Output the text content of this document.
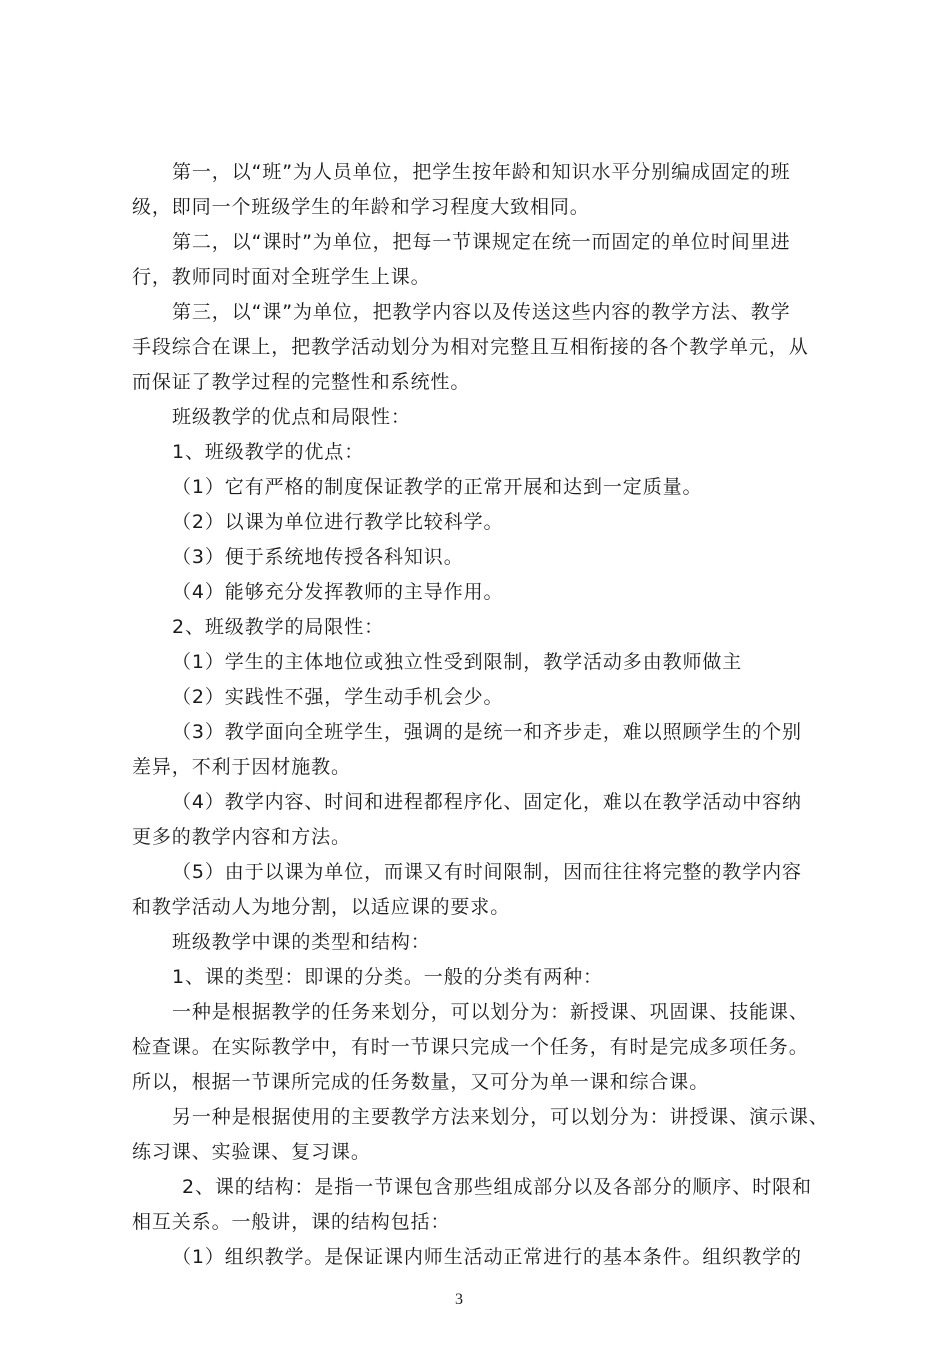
第一，以“班”为人员单位，把学生按年龄和知识水平分别编成固定的班
级，即同一个班级学生的年龄和学习程度大致相同。
第二，以“课时”为单位，把每一节课规定在统一而固定的单位时间里进
行，教师同时面对全班学生上课。
第三，以“课”为单位，把教学内容以及传送这些内容的教学方法、教学
手段综合在课上，把教学活动划分为相对完整且互相衔接的各个教学单元，从
而保证了教学过程的完整性和系统性。
班级教学的优点和局限性：
1、班级教学的优点：
（1）它有严格的制度保证教学的正常开展和达到一定质量。
（2）以课为单位进行教学比较科学。
（3）便于系统地传授各科知识。
（4）能够充分发挥教师的主导作用。
2、班级教学的局限性：
（1）学生的主体地位或独立性受到限制，教学活动多由教师做主
（2）实践性不强，学生动手机会少。
（3）教学面向全班学生，强调的是统一和齐步走，难以照顾学生的个别
差异，不利于因材施教。
（4）教学内容、时间和进程都程序化、固定化，难以在教学活动中容纳
更多的教学内容和方法。
（5）由于以课为单位，而课又有时间限制，因而往往将完整的教学内容
和教学活动人为地分割，以适应课的要求。
班级教学中课的类型和结构：
1、课的类型：即课的分类。一般的分类有两种：
一种是根据教学的任务来划分，可以划分为：新授课、巩固课、技能课、
检查课。在实际教学中，有时一节课只完成一个任务，有时是完成多项任务。
所以，根据一节课所完成的任务数量，又可分为单一课和综合课。
另一种是根据使用的主要教学方法来划分，可以划分为：讲授课、演示课、
练习课、实验课、复习课。
2、课的结构：是指一节课包含那些组成部分以及各部分的顺序、时限和
相互关系。一般讲，课的结构包括：
（1）组织教学。是保证课内师生活动正常进行的基本条件。组织教学的
3
